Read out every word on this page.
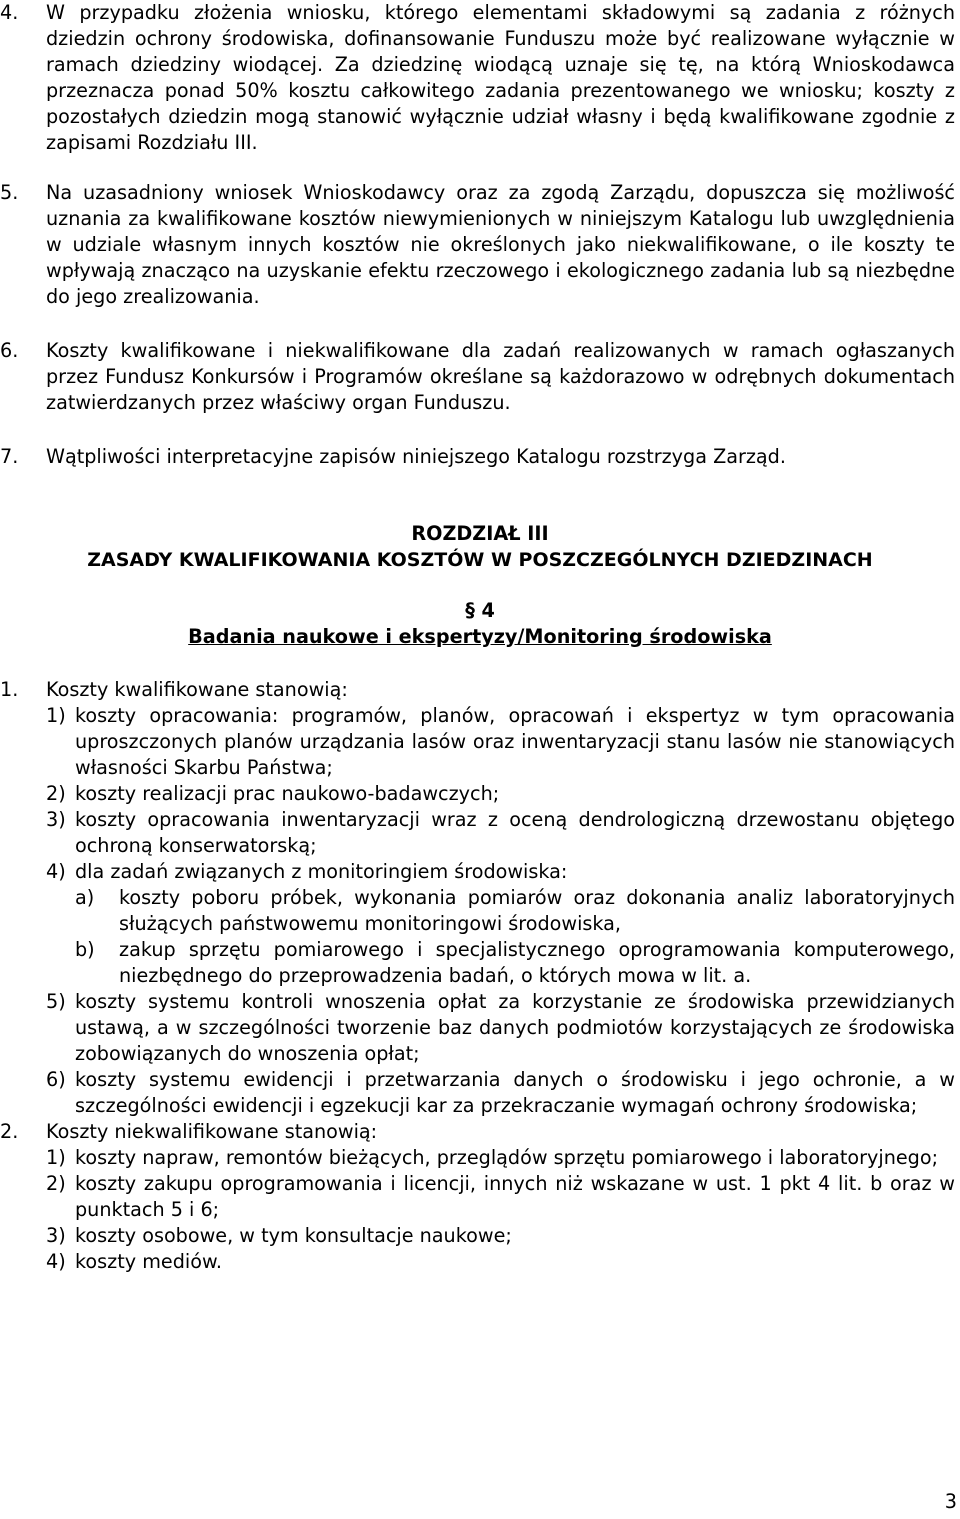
4. W przypadku złożenia wniosku, którego elementami składowymi są zadania z różnych dziedzin ochrony środowiska, dofinansowanie Funduszu może być realizowane wyłącznie w ramach dziedziny wiodącej. Za dziedzinę wiodącą uznaje się tę, na którą Wnioskodawca przeznacza ponad 50% kosztu całkowitego zadania prezentowanego we wniosku; koszty z pozostałych dziedzin mogą stanowić wyłącznie udział własny i będą kwalifikowane zgodnie z zapisami Rozdziału III.
5. Na uzasadniony wniosek Wnioskodawcy oraz za zgodą Zarządu, dopuszcza się możliwość uznania za kwalifikowane kosztów niewymienionych w niniejszym Katalogu lub uwzględnienia w udziale własnym innych kosztów nie określonych jako niekwalifikowane, o ile koszty te wpływają znacząco na uzyskanie efektu rzeczowego i ekologicznego zadania lub są niezbędne do jego zrealizowania.
6. Koszty kwalifikowane i niekwalifikowane dla zadań realizowanych w ramach ogłaszanych przez Fundusz Konkursów i Programów określane są każdorazowo w odrębnych dokumentach zatwierdzanych przez właściwy organ Funduszu.
7. Wątpliwości interpretacyjne zapisów niniejszego Katalogu rozstrzyga Zarząd.
ROZDZIAŁ III
ZASADY KWALIFIKOWANIA KOSZTÓW W POSZCZEGÓLNYCH DZIEDZINACH
§ 4
Badania naukowe i ekspertyzy/Monitoring środowiska
1. Koszty kwalifikowane stanowią:
1) koszty opracowania: programów, planów, opracowań i ekspertyz w tym opracowania uproszczonych planów urządzania lasów oraz inwentaryzacji stanu lasów nie stanowiących własności Skarbu Państwa;
2) koszty realizacji prac naukowo-badawczych;
3) koszty opracowania inwentaryzacji wraz z oceną dendrologiczną drzewostanu objętego ochroną konserwatorską;
4) dla zadań związanych z monitoringiem środowiska:
a) koszty poboru próbek, wykonania pomiarów oraz dokonania analiz laboratoryjnych służących państwowemu monitoringowi środowiska,
b) zakup sprzętu pomiarowego i specjalistycznego oprogramowania komputerowego, niezbędnego do przeprowadzenia badań, o których mowa w lit. a.
5) koszty systemu kontroli wnoszenia opłat za korzystanie ze środowiska przewidzianych ustawą, a w szczególności tworzenie baz danych podmiotów korzystających ze środowiska zobowiązanych do wnoszenia opłat;
6) koszty systemu ewidencji i przetwarzania danych o środowisku i jego ochronie, a w szczególności ewidencji i egzekucji kar za przekraczanie wymagań ochrony środowiska;
2. Koszty niekwalifikowane stanowią:
1) koszty napraw, remontów bieżących, przeglądów sprzętu pomiarowego i laboratoryjnego;
2) koszty zakupu oprogramowania i licencji, innych niż wskazane w ust. 1 pkt 4 lit. b oraz w punktach 5 i 6;
3) koszty osobowe, w tym konsultacje naukowe;
4) koszty mediów.
3
